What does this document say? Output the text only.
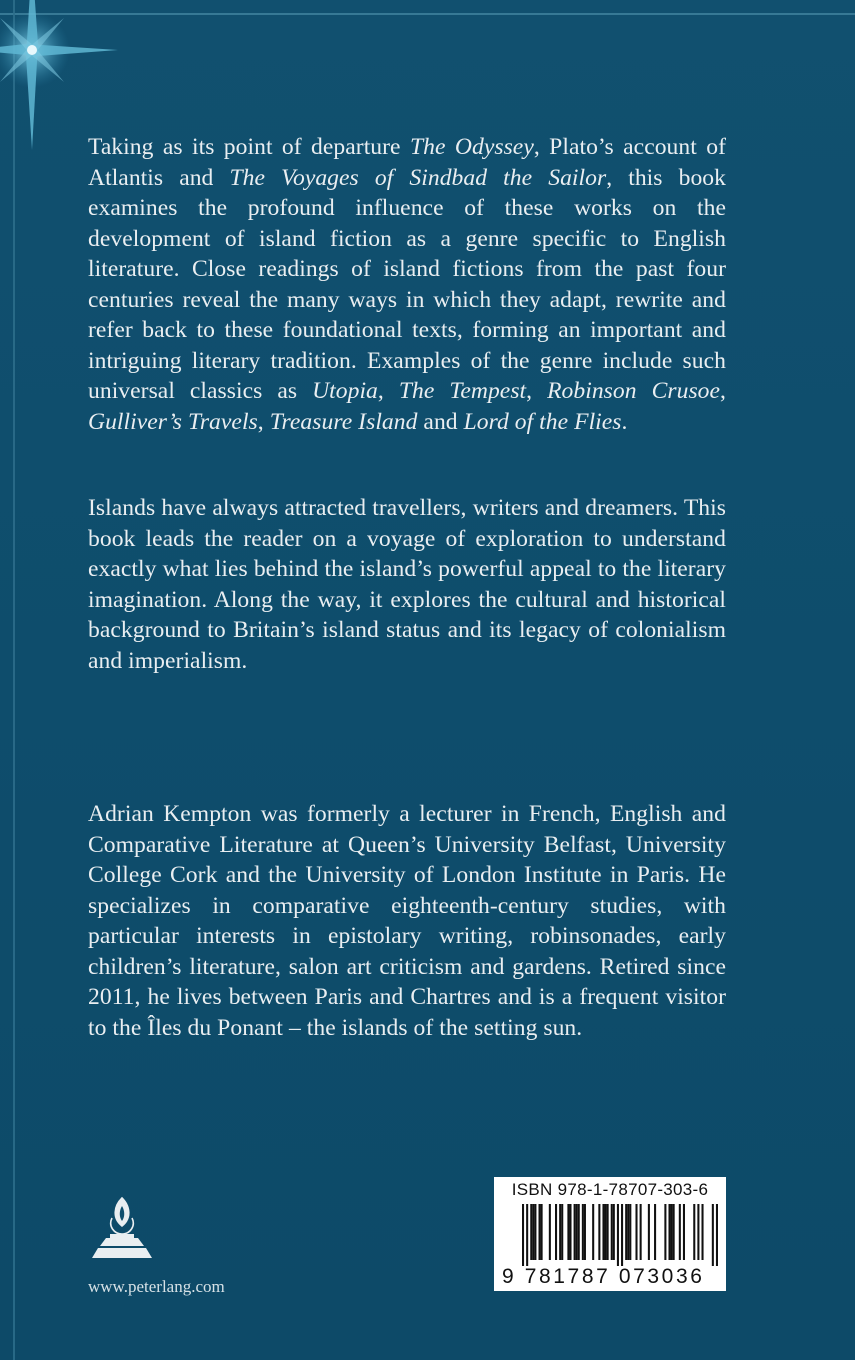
Taking as its point of departure The Odyssey, Plato’s account of Atlantis and The Voyages of Sindbad the Sailor, this book examines the profound influence of these works on the development of island fiction as a genre specific to English literature. Close readings of island fictions from the past four centuries reveal the many ways in which they adapt, rewrite and refer back to these foundational texts, forming an important and intriguing literary tradition. Examples of the genre include such universal classics as Utopia, The Tempest, Robinson Crusoe, Gulliver’s Travels, Treasure Island and Lord of the Flies.

Islands have always attracted travellers, writers and dreamers. This book leads the reader on a voyage of exploration to understand exactly what lies behind the island’s powerful appeal to the literary imagination. Along the way, it explores the cultural and historical background to Britain’s island status and its legacy of colonialism and imperialism.

Adrian Kempton was formerly a lecturer in French, English and Comparative Literature at Queen’s University Belfast, University College Cork and the University of London Institute in Paris. He specializes in comparative eighteenth-century studies, with particular interests in epistolary writing, robinsonades, early children’s literature, salon art criticism and gardens. Retired since 2011, he lives between Paris and Chartres and is a frequent visitor to the Îles du Ponant – the islands of the setting sun.

www.peterlang.com

ISBN 978-1-78707-303-6

9 781787 073036
